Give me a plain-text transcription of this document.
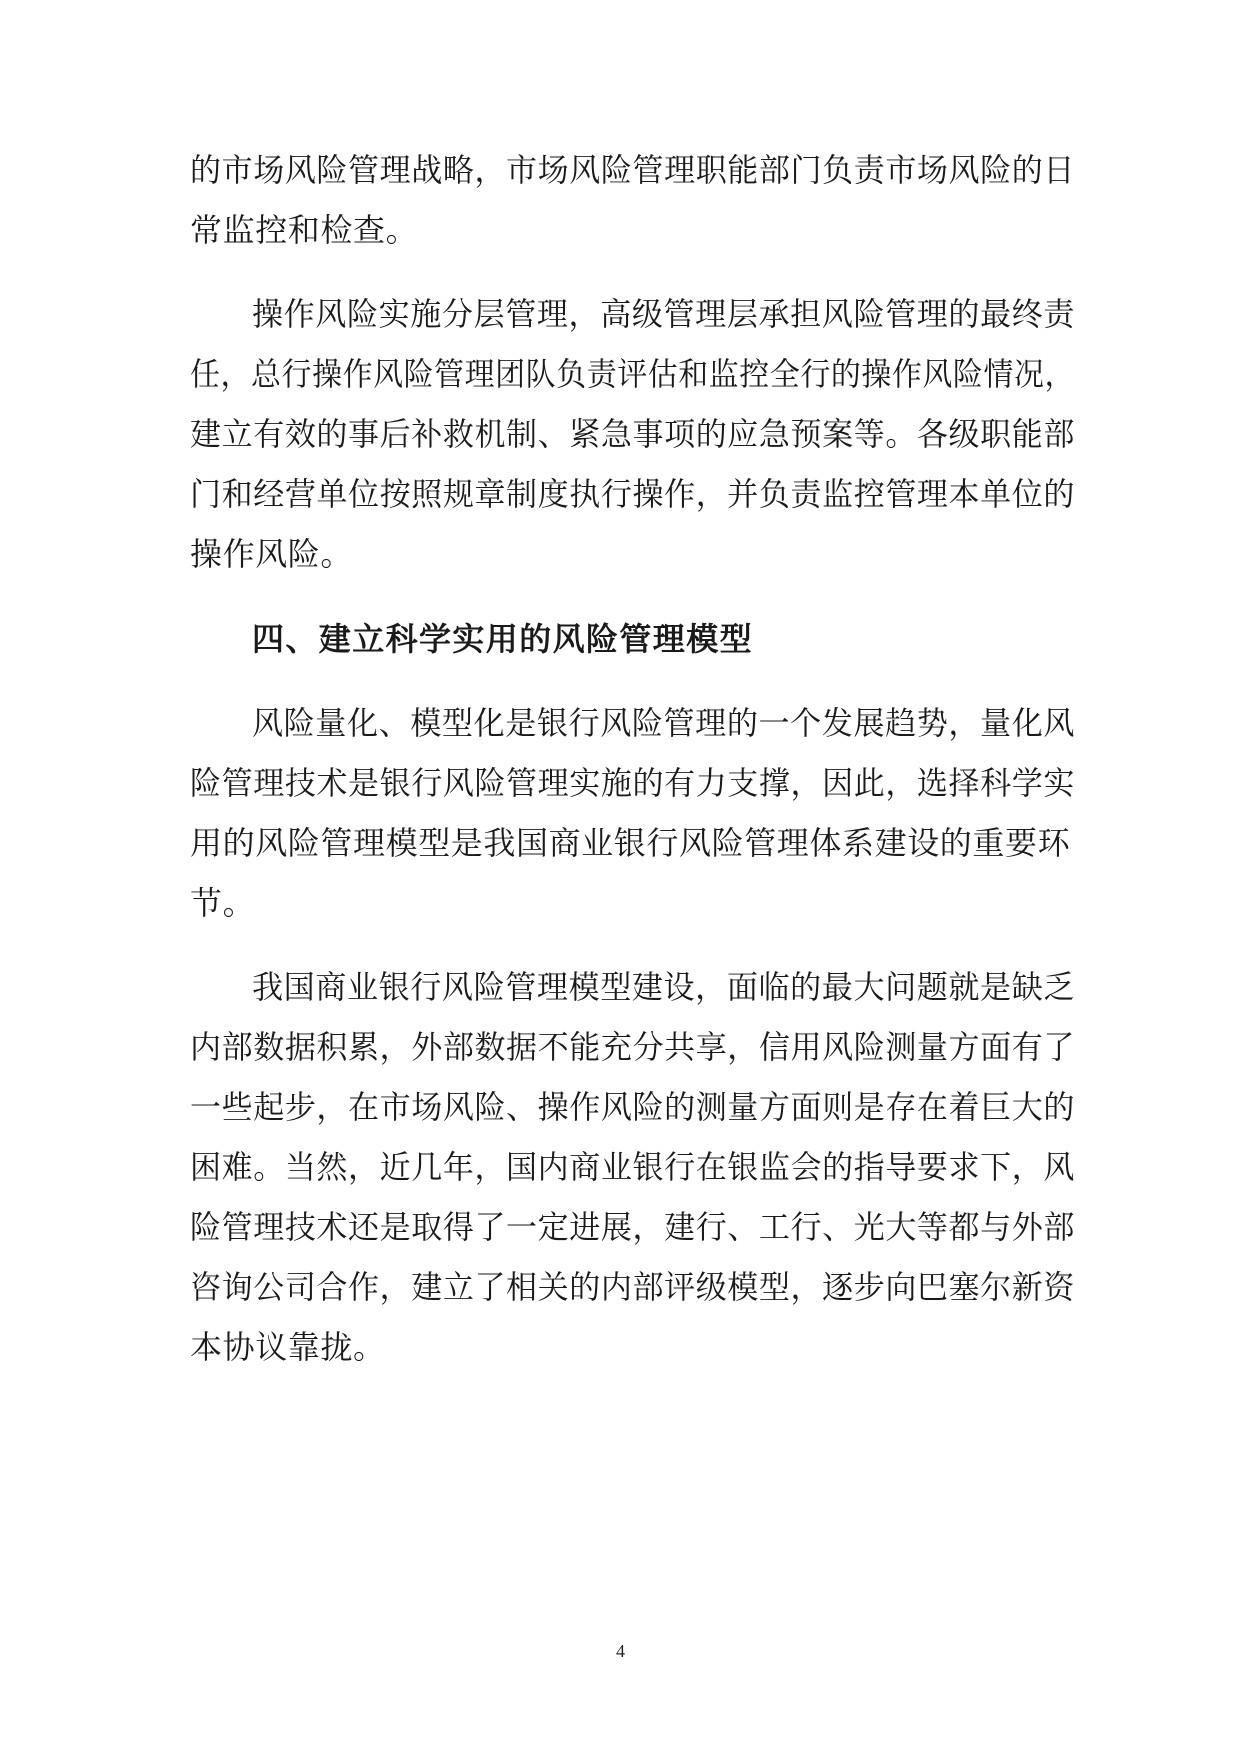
的市场风险管理战略，市场风险管理职能部门负责市场风险的日
常监控和检查。
操作风险实施分层管理，高级管理层承担风险管理的最终责
任，总行操作风险管理团队负责评估和监控全行的操作风险情况，
建立有效的事后补救机制、紧急事项的应急预案等。各级职能部
门和经营单位按照规章制度执行操作，并负责监控管理本单位的
操作风险。
四、建立科学实用的风险管理模型
风险量化、模型化是银行风险管理的一个发展趋势，量化风
险管理技术是银行风险管理实施的有力支撑，因此，选择科学实
用的风险管理模型是我国商业银行风险管理体系建设的重要环
节。
我国商业银行风险管理模型建设，面临的最大问题就是缺乏
内部数据积累，外部数据不能充分共享，信用风险测量方面有了
一些起步，在市场风险、操作风险的测量方面则是存在着巨大的
困难。当然，近几年，国内商业银行在银监会的指导要求下，风
险管理技术还是取得了一定进展，建行、工行、光大等都与外部
咨询公司合作，建立了相关的内部评级模型，逐步向巴塞尔新资
本协议靠拢。
4
